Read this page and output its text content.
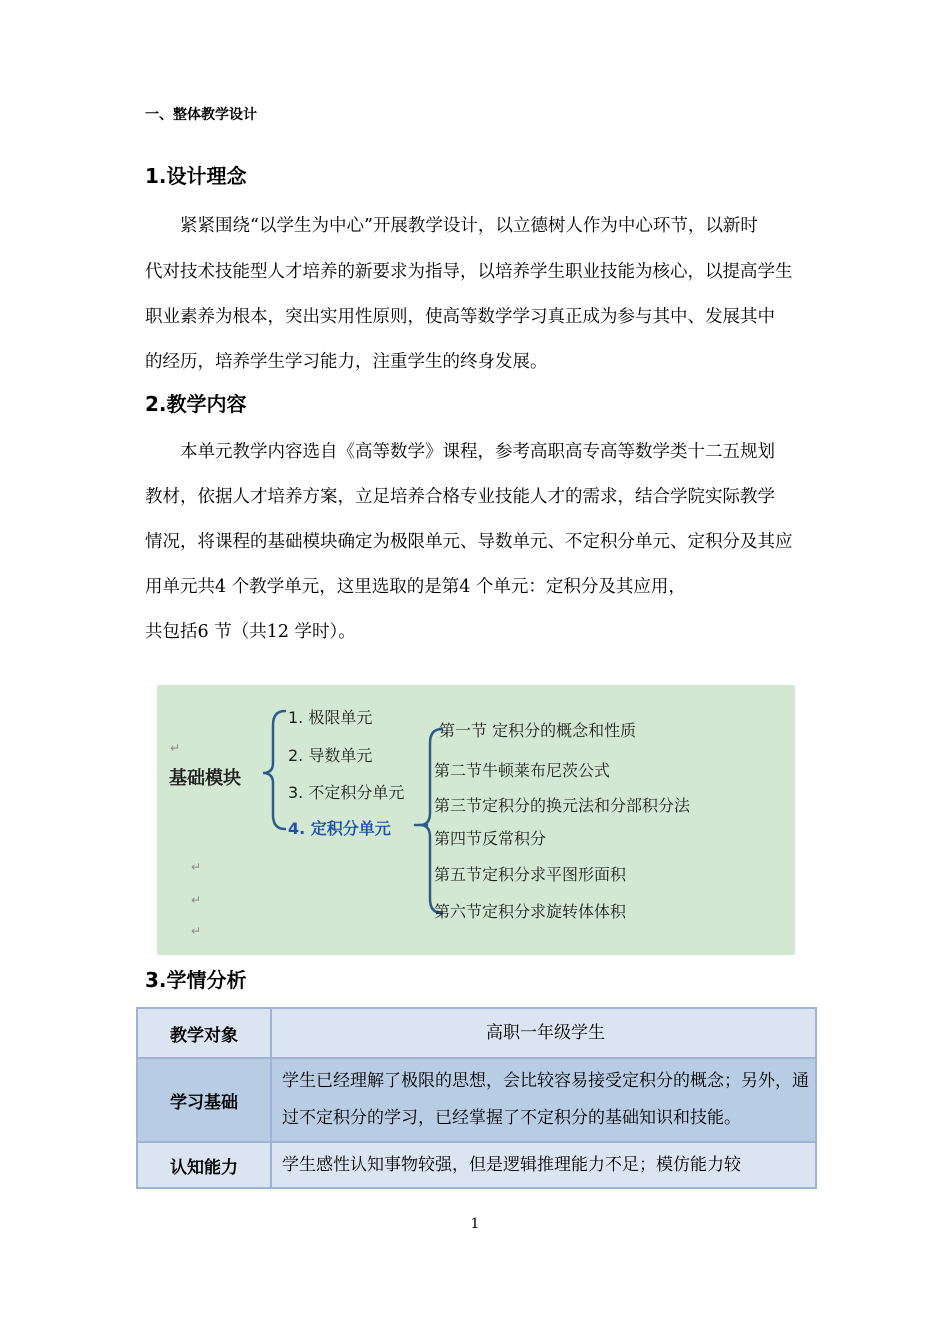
一、整体教学设计
1.设计理念
紧紧围绕“以学生为中心”开展教学设计，以立德树人作为中心环节，以新时
代对技术技能型人才培养的新要求为指导，以培养学生职业技能为核心，以提高学生
职业素养为根本，突出实用性原则，使高等数学学习真正成为参与其中、发展其中
的经历，培养学生学习能力，注重学生的终身发展。
2.教学内容
本单元教学内容选自《高等数学》课程，参考高职高专高等数学类十二五规划
教材，依据人才培养方案，立足培养合格专业技能人才的需求，结合学院实际教学
情况，将课程的基础模块确定为极限单元、导数单元、不定积分单元、定积分及其应
用单元共4 个教学单元，这里选取的是第4 个单元：定积分及其应用，
共包括6 节（共12 学时）。
基础模块
1. 极限单元
2. 导数单元
3. 不定积分单元
4. 定积分单元
第一节 定积分的概念和性质
第二节牛顿莱布尼茨公式
第三节定积分的换元法和分部积分法
第四节反常积分
第五节定积分求平图形面积
第六节定积分求旋转体体积
↵
↵
↵
↵
3.学情分析
教学对象	高职一年级学生
学习基础	学生已经理解了极限的思想，会比较容易接受定积分的概念；另外，通过不定积分的学习，已经掌握了不定积分的基础知识和技能。
认知能力	学生感性认知事物较强，但是逻辑推理能力不足；模仿能力较
1
